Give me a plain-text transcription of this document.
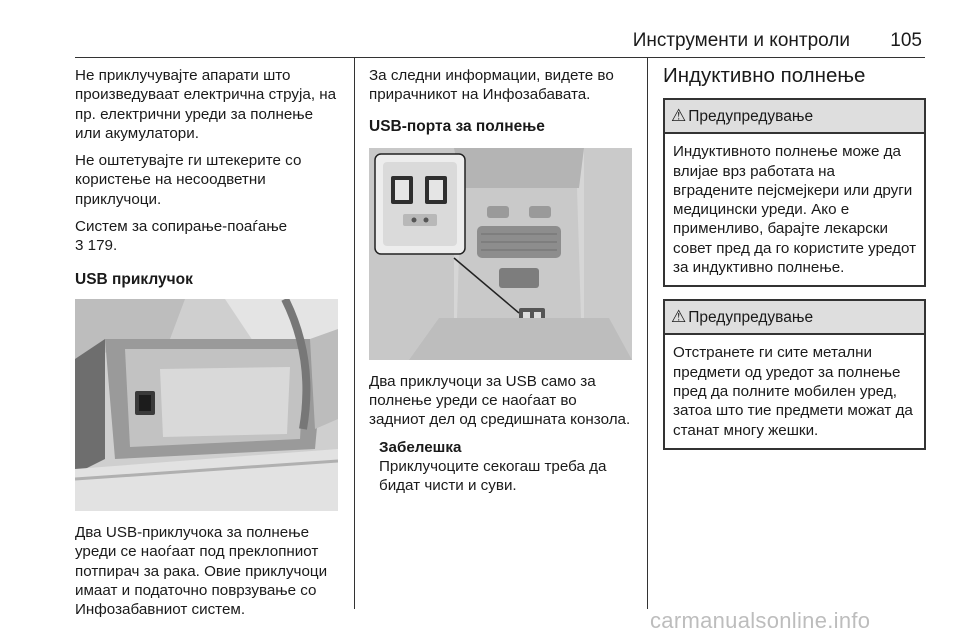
Инструменти и контроли 105

Не приклучувајте апарати што произведуваат електрична струја, на пр. електрични уреди за полнење или акумулатори.

Не оштетувајте ги штекерите со користење на несоодветни приклучоци.

Систем за сопирање-поаѓање
3 179.

USB приклучок

Два USB-приклучока за полнење уреди се наоѓаат под преклопниот потпирач за рака. Овие приклучоци имаат и податочно поврзување со Инфозабавниот систем.

За следни информации, видете во прирачникот на Инфозабавата.

USB-порта за полнење

Два приклучоци за USB само за полнење уреди се наоѓаат во задниот дел од средишната конзола.

Забелешка
Приклучоците секогаш треба да бидат чисти и суви.
Индуктивно полнење
⚠ Предупредување
Индуктивното полнење може да влијае врз работата на вградените пејсмејкери или други медицински уреди. Ако е применливо, барајте лекарски совет пред да го користите уредот за индуктивно полнење.
⚠ Предупредување
Отстранете ги сите метални предмети од уредот за полнење пред да полните мобилен уред, затоа што тие предмети можат да станат многу жешки.
carmanualsonline.info
